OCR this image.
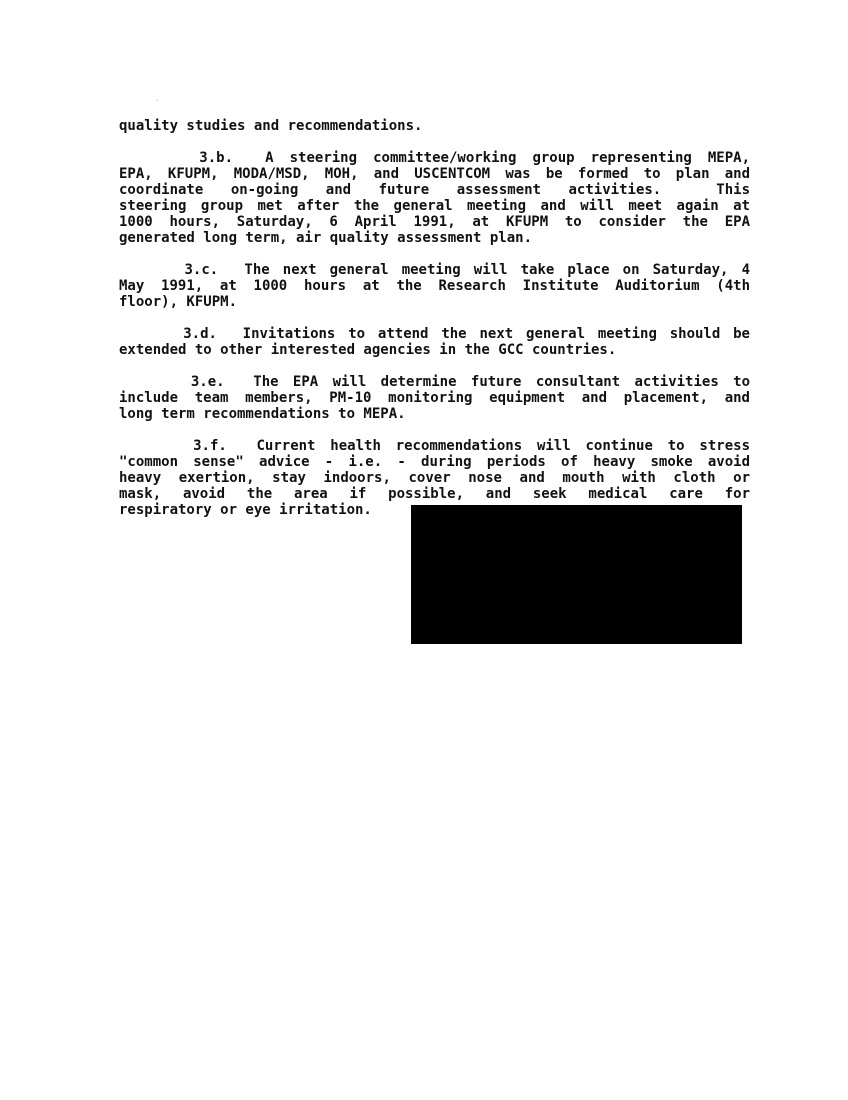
quality studies and recommendations.

3.b.  A steering committee/working group representing MEPA,

EPA, KFUPM, MODA/MSD, MOH, and USCENTCOM was be formed to plan and

coordinate on-going and future assessment activities.  This

steering group met after the general meeting and will meet again at

1000 hours, Saturday, 6 April 1991, at KFUPM to consider the EPA

generated long term, air quality assessment plan.

3.c.  The next general meeting will take place on Saturday, 4

May 1991, at 1000 hours at the Research Institute Auditorium (4th

floor), KFUPM.

3.d.  Invitations to attend the next general meeting should be

extended to other interested agencies in the GCC countries.

3.e.  The EPA will determine future consultant activities to

include team members, PM-10 monitoring equipment and placement, and

long term recommendations to MEPA.

3.f.  Current health recommendations will continue to stress

"common sense" advice - i.e. - during periods of heavy smoke avoid

heavy exertion, stay indoors, cover nose and mouth with cloth or

mask, avoid the area if possible, and seek medical care for

respiratory or eye irritation.
